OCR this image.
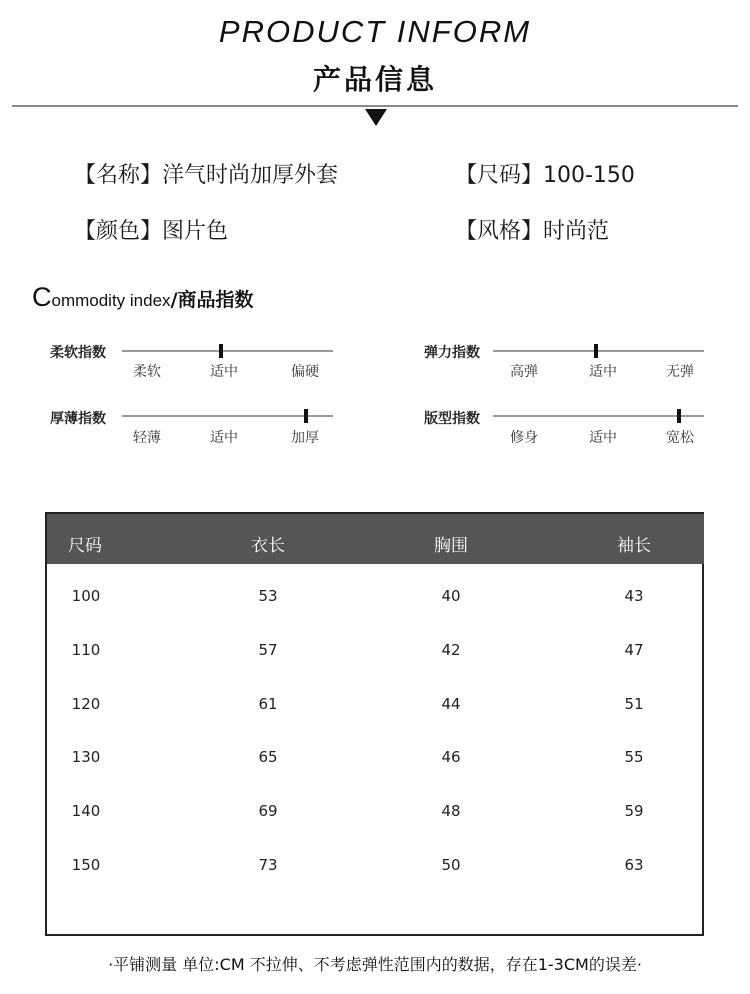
PRODUCT INFORM
产品信息
【名称】洋气时尚加厚外套	【尺码】100-150
【颜色】图片色	【风格】时尚范
Commodity index/商品指数
柔软指数
柔软	适中	偏硬
弹力指数
高弹	适中	无弹
厚薄指数
轻薄	适中	加厚
版型指数
修身	适中	宽松
尺码	衣长	胸围	袖长
100	53	40	43
110	57	42	47
120	61	44	51
130	65	46	55
140	69	48	59
150	73	50	63
·平铺测量 单位:CM 不拉伸、不考虑弹性范围内的数据，存在1-3CM的误差·
